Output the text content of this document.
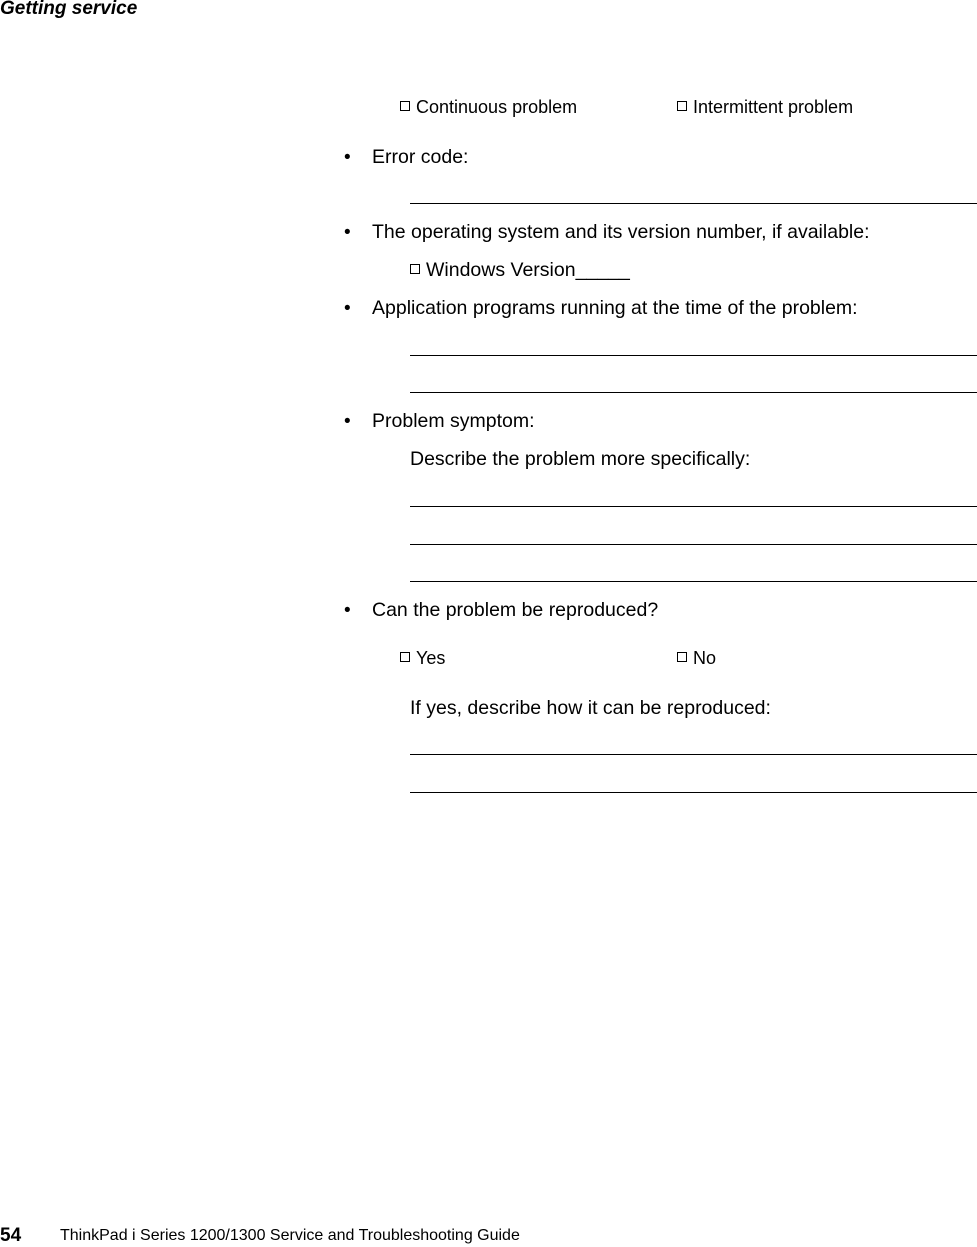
Getting service
Continuous problem	Intermittent problem
• Error code:
• The operating system and its version number, if available:
Windows Version_____
• Application programs running at the time of the problem:
• Problem symptom:
Describe the problem more specifically:
• Can the problem be reproduced?
Yes	No
If yes, describe how it can be reproduced:
54 ThinkPad i Series 1200/1300 Service and Troubleshooting Guide
